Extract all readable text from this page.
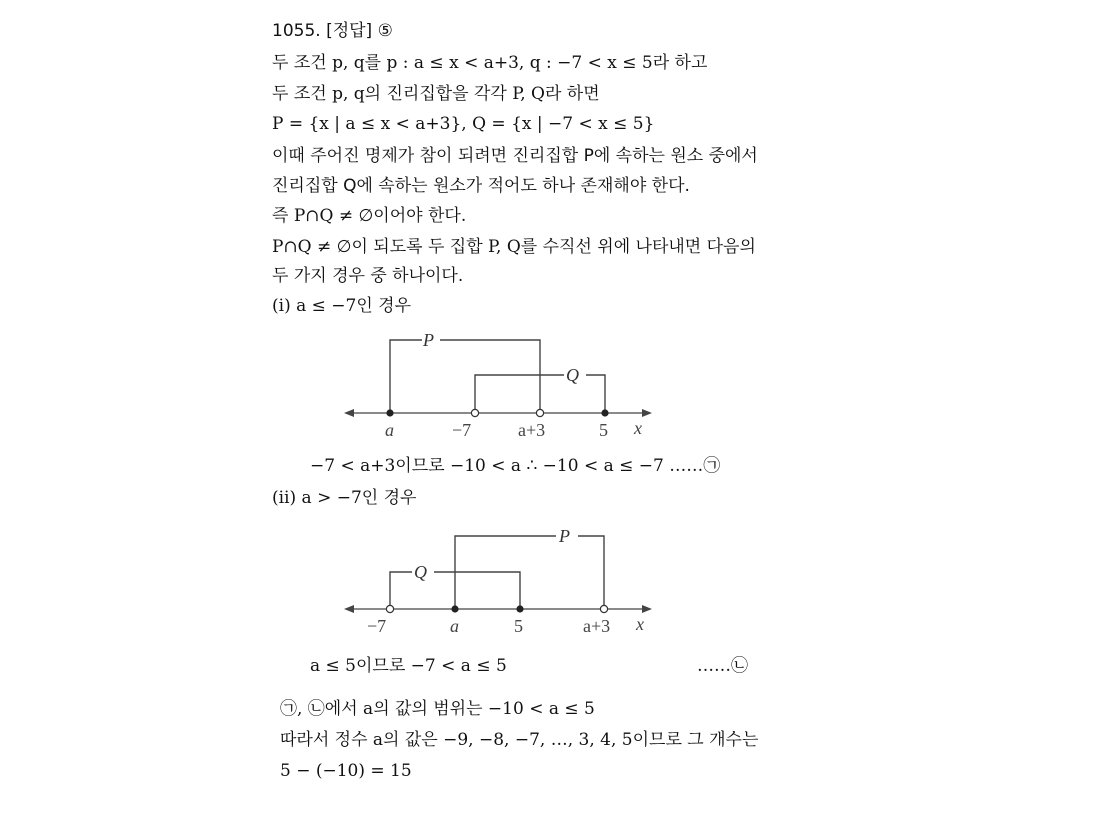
1055. [정답] ⑤
두 조건 p, q를 p : a ≤ x < a+3, q : −7 < x ≤ 5라 하고
두 조건 p, q의 진리집합을 각각 P, Q라 하면
P = {x | a ≤ x < a+3}, Q = {x | −7 < x ≤ 5}
이때 주어진 명제가 참이 되려면 진리집합 P에 속하는 원소 중에서
진리집합 Q에 속하는 원소가 적어도 하나 존재해야 한다.
즉 P∩Q ≠ ∅이어야 한다.
P∩Q ≠ ∅이 되도록 두 집합 P, Q를 수직선 위에 나타내면 다음의
두 가지 경우 중 하나이다.
(ⅰ) a ≤ −7인 경우
P
Q
a	−7	a+3	5 x
−7 < a+3이므로 −10 < a ∴ −10 < a ≤ −7 ……㉠
(ⅱ) a > −7인 경우
P
Q
−7	a	5	a+3 x
a ≤ 5이므로 −7 < a ≤ 5	……㉡
㉠, ㉡에서 a의 값의 범위는 −10 < a ≤ 5
따라서 정수 a의 값은 −9, −8, −7, …, 3, 4, 5이므로 그 개수는
5 − (−10) = 15
